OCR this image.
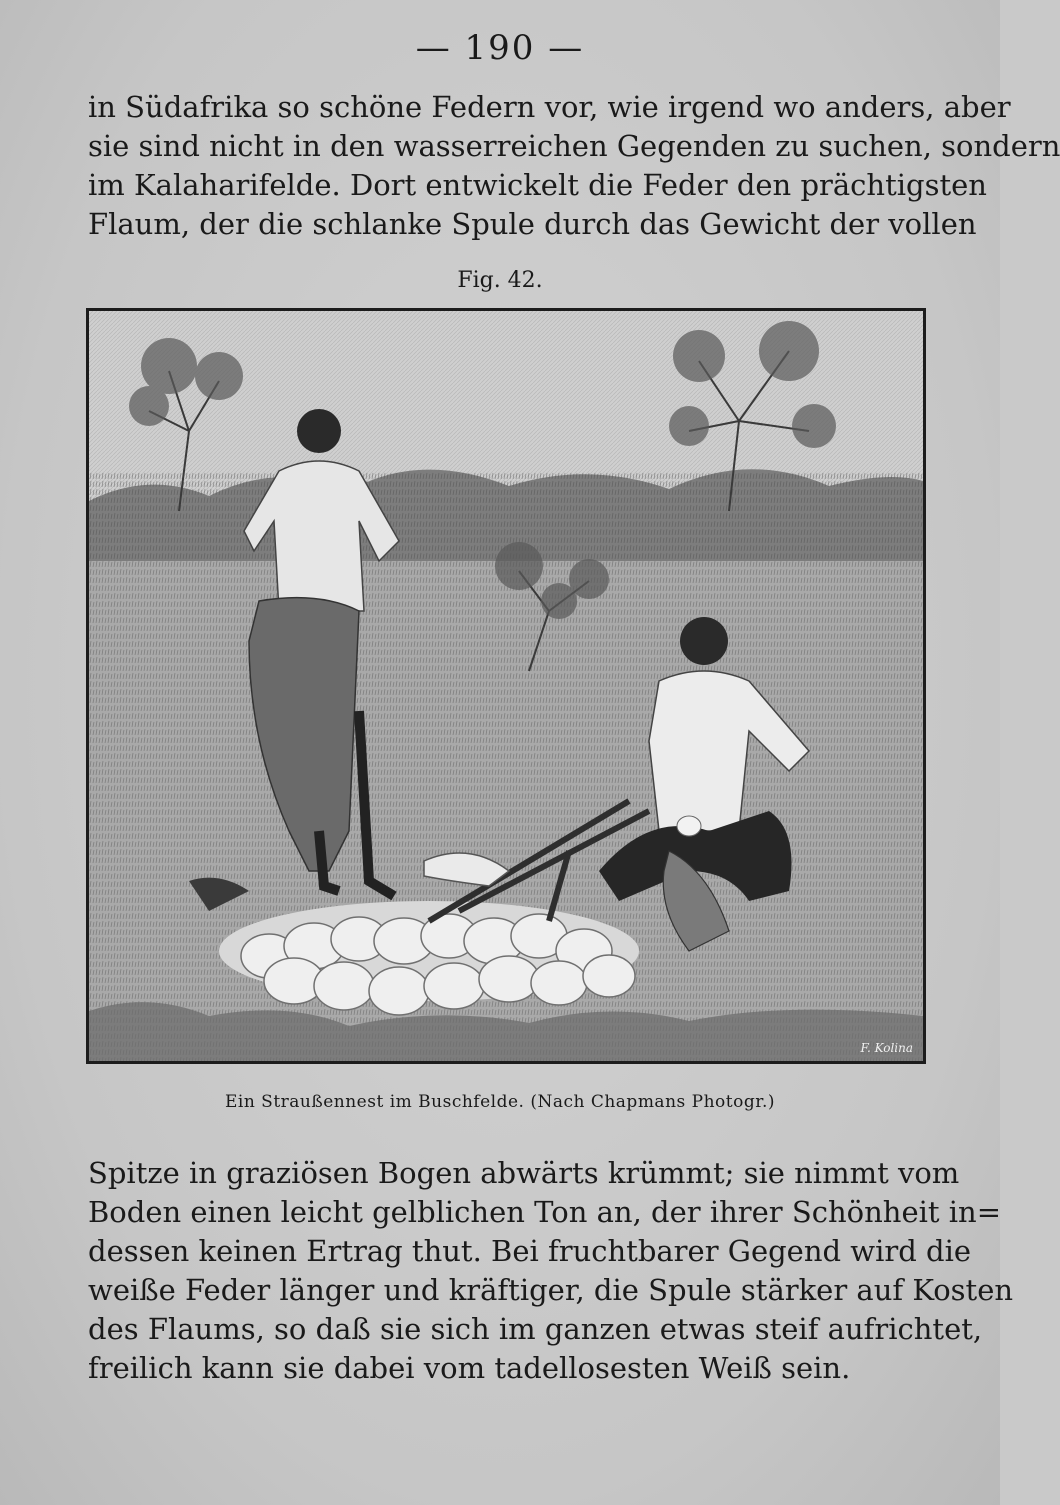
— 190 —
in Südafrika so schöne Federn vor, wie irgend wo anders, aber
sie sind nicht in den wasserreichen Gegenden zu suchen, sondern
im Kalaharifelde. Dort entwickelt die Feder den prächtigsten
Flaum, der die schlanke Spule durch das Gewicht der vollen
Fig. 42.
F. Kolina
Ein Straußennest im Buschfelde. (Nach Chapmans Photogr.)
Spitze in graziösen Bogen abwärts krümmt; sie nimmt vom
Boden einen leicht gelblichen Ton an, der ihrer Schönheit in=
dessen keinen Ertrag thut. Bei fruchtbarer Gegend wird die
weiße Feder länger und kräftiger, die Spule stärker auf Kosten
des Flaums, so daß sie sich im ganzen etwas steif aufrichtet,
freilich kann sie dabei vom tadellosesten Weiß sein.
